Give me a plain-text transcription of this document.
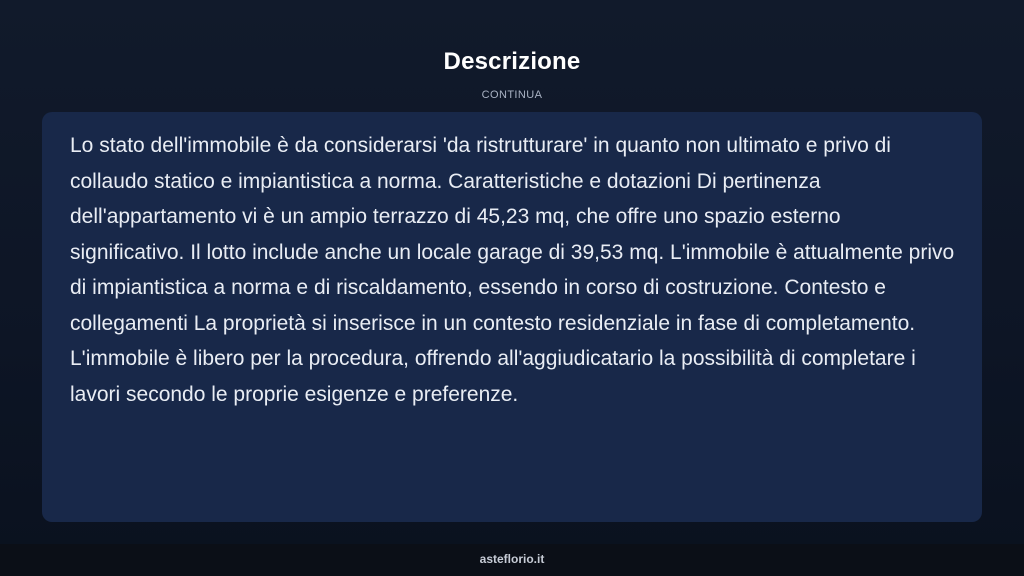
Descrizione
CONTINUA

Lo stato dell'immobile è da considerarsi 'da ristrutturare' in quanto non ultimato e privo di collaudo statico e impiantistica a norma. Caratteristiche e dotazioni Di pertinenza dell'appartamento vi è un ampio terrazzo di 45,23 mq, che offre uno spazio esterno significativo. Il lotto include anche un locale garage di 39,53 mq. L'immobile è attualmente privo di impiantistica a norma e di riscaldamento, essendo in corso di costruzione. Contesto e collegamenti La proprietà si inserisce in un contesto residenziale in fase di completamento. L'immobile è libero per la procedura, offrendo all'aggiudicatario la possibilità di completare i lavori secondo le proprie esigenze e preferenze.

asteflorio.it
